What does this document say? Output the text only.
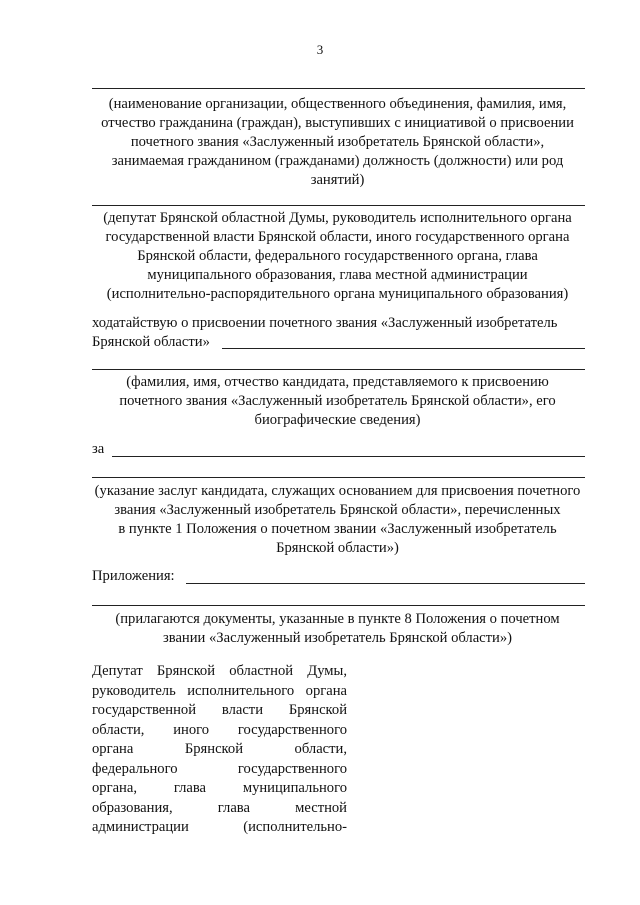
3
(наименование организации, общественного объединения, фамилия, имя,
отчество гражданина (граждан), выступивших с инициативой о присвоении
почетного звания «Заслуженный изобретатель Брянской области»,
занимаемая гражданином (гражданами) должность (должности) или род
занятий)
(депутат Брянской областной Думы, руководитель исполнительного органа
государственной власти Брянской области, иного государственного органа
Брянской области, федерального государственного органа, глава
муниципального образования, глава местной администрации
(исполнительно-распорядительного органа муниципального образования)
ходатайствую о присвоении почетного звания «Заслуженный изобретатель
Брянской области»
(фамилия, имя, отчество кандидата, представляемого к присвоению
почетного звания «Заслуженный изобретатель Брянской области», его
биографические сведения)
за
(указание заслуг кандидата, служащих основанием для присвоения почетного
звания «Заслуженный изобретатель Брянской области», перечисленных
в пункте 1 Положения о почетном звании «Заслуженный изобретатель
Брянской области»)
Приложения:
(прилагаются документы, указанные в пункте 8 Положения о почетном
звании «Заслуженный изобретатель Брянской области»)
Депутат Брянской областной Думы,
руководитель исполнительного органа
государственной власти Брянской
области, иного государственного
органа Брянской области,
федерального государственного
органа, глава муниципального
образования, глава местной
администрации (исполнительно-
